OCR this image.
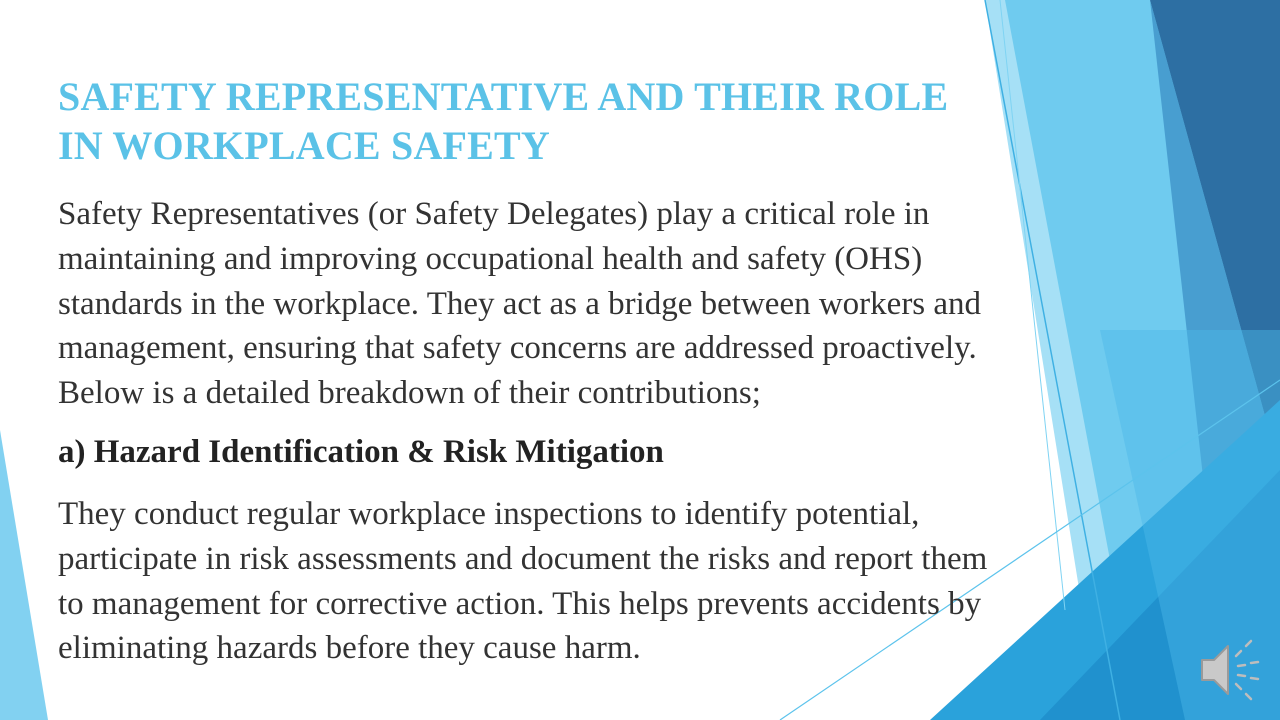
SAFETY REPRESENTATIVE AND THEIR ROLE
IN WORKPLACE SAFETY

Safety Representatives (or Safety Delegates) play a critical role in
maintaining and improving occupational health and safety (OHS)
standards in the workplace. They act as a bridge between workers and
management, ensuring that safety concerns are addressed proactively.
Below is a detailed breakdown of their contributions;

a) Hazard Identification & Risk Mitigation

They conduct regular workplace inspections to identify potential,
participate in risk assessments and document the risks and report them
to management for corrective action. This helps prevents accidents by
eliminating hazards before they cause harm.
